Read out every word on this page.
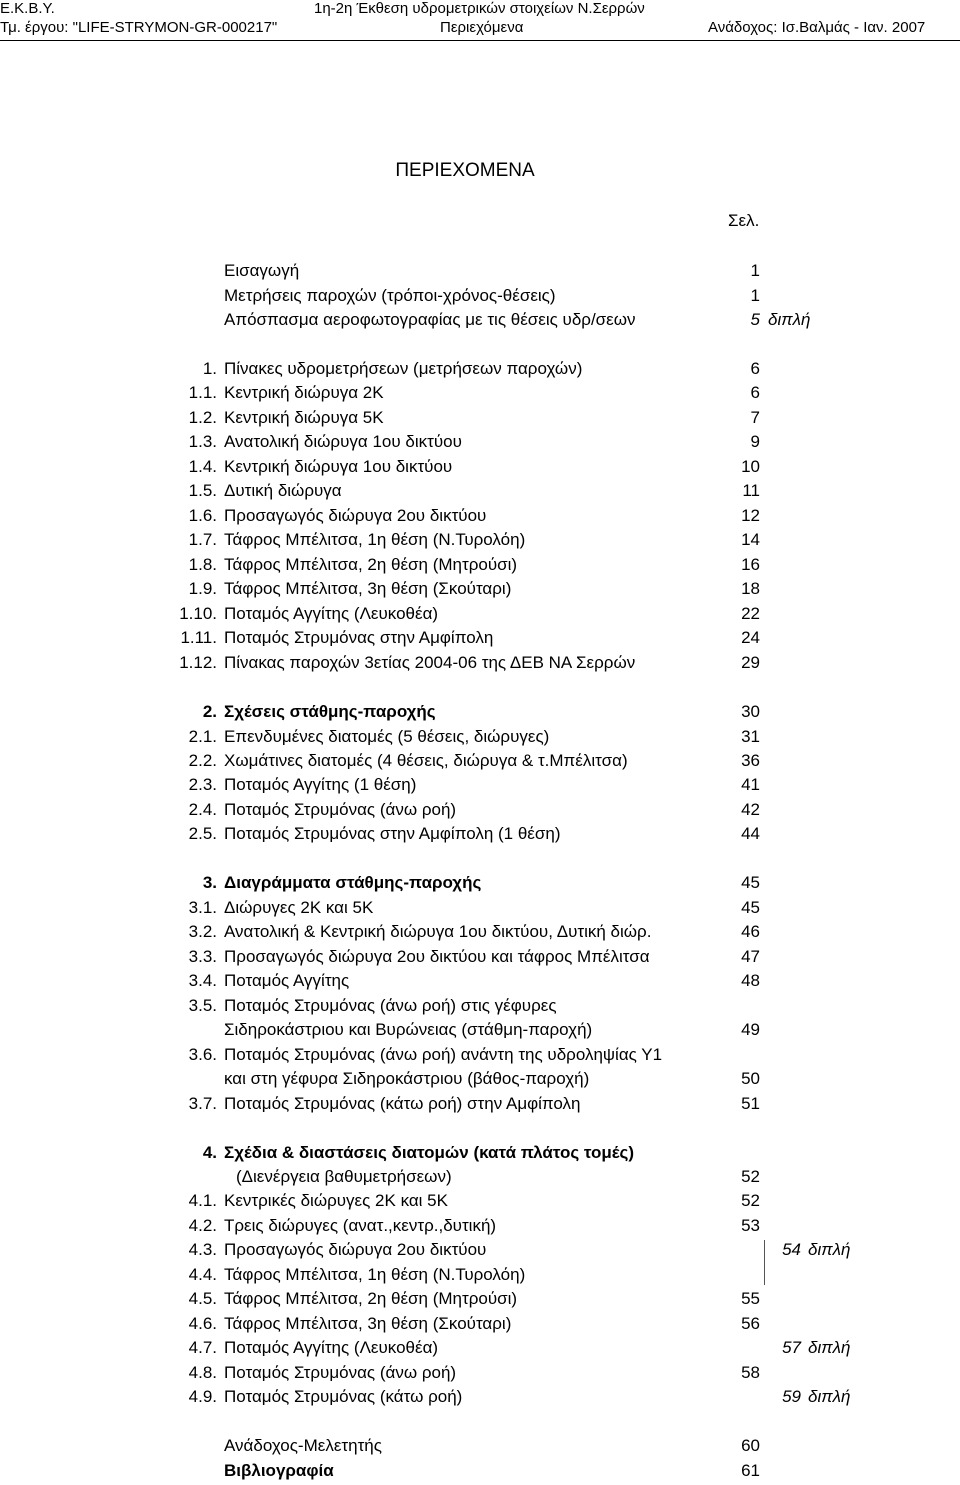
Ε.Κ.Β.Υ.	1η-2η Έκθεση υδρομετρικών στοιχείων Ν.Σερρών
Τμ. έργου: "LIFE-STRYMON-GR-000217"	Περιεχόμενα	Ανάδοχος: Ισ.Βαλμάς - Ιαν. 2007
ΠΕΡΙΕΧΟΜΕΝΑ
Σελ.
Εισαγωγή	1
Μετρήσεις παροχών (τρόποι-χρόνος-θέσεις)	1
Απόσπασμα αεροφωτογραφίας με τις θέσεις υδρ/σεων	5 διπλή
1. Πίνακες υδρομετρήσεων (μετρήσεων παροχών)	6
1.1. Κεντρική διώρυγα 2Κ	6
1.2. Κεντρική διώρυγα 5Κ	7
1.3. Ανατολική διώρυγα 1ου δικτύου	9
1.4. Κεντρική διώρυγα 1ου δικτύου	10
1.5. Δυτική διώρυγα	11
1.6. Προσαγωγός διώρυγα 2ου δικτύου	12
1.7. Τάφρος Μπέλιτσα, 1η θέση (Ν.Τυρολόη)	14
1.8. Τάφρος Μπέλιτσα, 2η θέση (Μητρούσι)	16
1.9. Τάφρος Μπέλιτσα, 3η θέση (Σκούταρι)	18
1.10. Ποταμός Αγγίτης (Λευκοθέα)	22
1.11. Ποταμός Στρυμόνας στην Αμφίπολη	24
1.12. Πίνακας παροχών 3ετίας 2004-06 της ΔΕΒ ΝΑ Σερρών	29
2. Σχέσεις στάθμης-παροχής	30
2.1. Επενδυμένες διατομές (5 θέσεις, διώρυγες)	31
2.2. Χωμάτινες διατομές (4 θέσεις, διώρυγα & τ.Μπέλιτσα)	36
2.3. Ποταμός Αγγίτης (1 θέση)	41
2.4. Ποταμός Στρυμόνας (άνω ροή)	42
2.5. Ποταμός Στρυμόνας στην Αμφίπολη (1 θέση)	44
3. Διαγράμματα στάθμης-παροχής	45
3.1. Διώρυγες 2Κ και 5Κ	45
3.2. Ανατολική & Κεντρική διώρυγα 1ου δικτύου, Δυτική διώρ.	46
3.3. Προσαγωγός διώρυγα 2ου δικτύου και τάφρος Μπέλιτσα	47
3.4. Ποταμός Αγγίτης	48
3.5. Ποταμός Στρυμόνας (άνω ροή) στις γέφυρες
Σιδηροκάστριου και Βυρώνειας (στάθμη-παροχή)	49
3.6. Ποταμός Στρυμόνας (άνω ροή) ανάντη της υδροληψίας Υ1
και στη γέφυρα Σιδηροκάστριου (βάθος-παροχή)	50
3.7. Ποταμός Στρυμόνας (κάτω ροή) στην Αμφίπολη	51
4. Σχέδια & διαστάσεις διατομών (κατά πλάτος τομές)
(Διενέργεια βαθυμετρήσεων)	52
4.1. Κεντρικές διώρυγες 2Κ και 5Κ	52
4.2. Τρεις διώρυγες (ανατ.,κεντρ.,δυτική)	53
4.3. Προσαγωγός διώρυγα 2ου δικτύου	54 διπλή
4.4. Τάφρος Μπέλιτσα, 1η θέση (Ν.Τυρολόη)
4.5. Τάφρος Μπέλιτσα, 2η θέση (Μητρούσι)	55
4.6. Τάφρος Μπέλιτσα, 3η θέση (Σκούταρι)	56
4.7. Ποταμός Αγγίτης (Λευκοθέα)	57 διπλή
4.8. Ποταμός Στρυμόνας (άνω ροή)	58
4.9. Ποταμός Στρυμόνας (κάτω ροή)	59 διπλή
Ανάδοχος-Μελετητής	60
Βιβλιογραφία	61
